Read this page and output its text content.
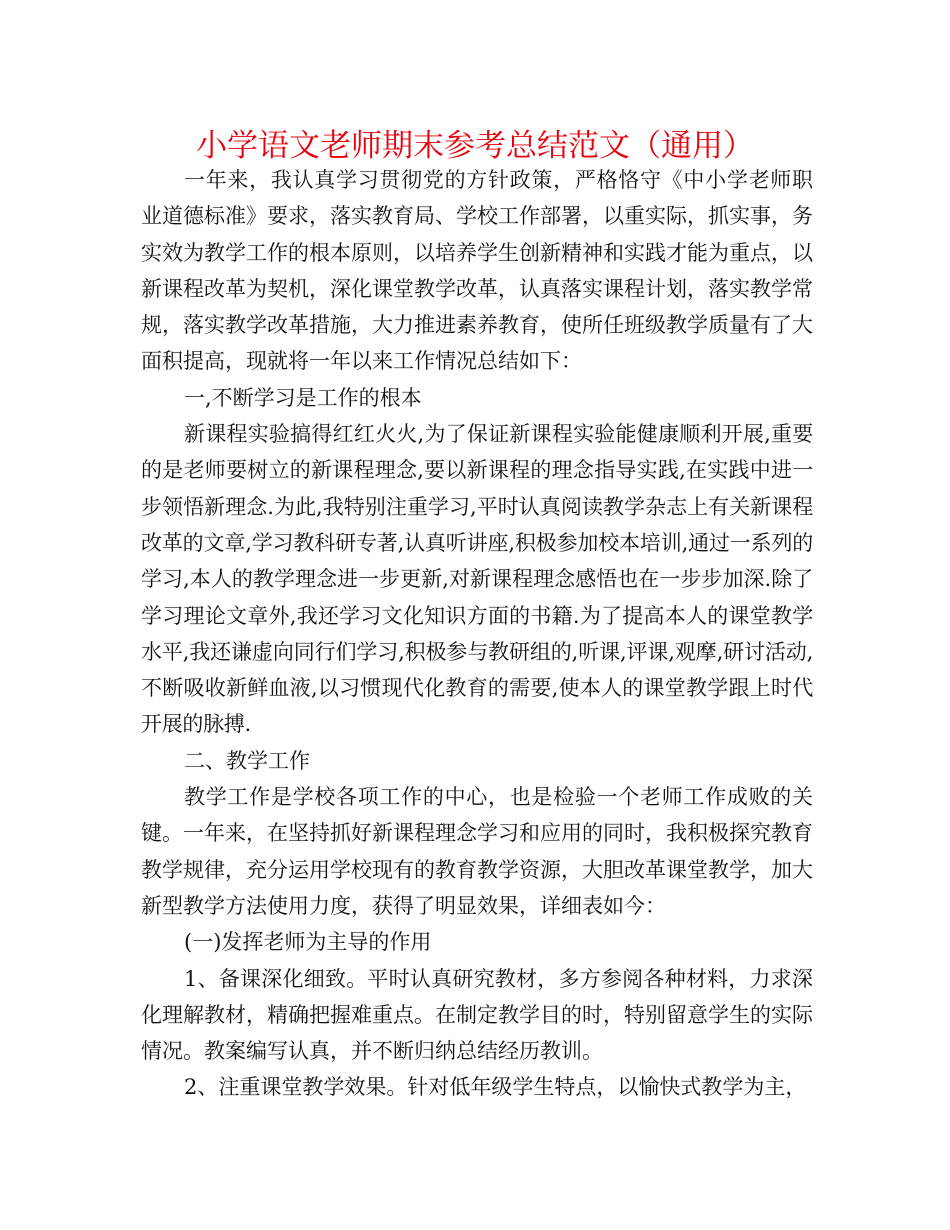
小学语文老师期末参考总结范文（通用）

一年来，我认真学习贯彻党的方针政策，严格恪守《中小学老师职业道德标准》要求，落实教育局、学校工作部署，以重实际，抓实事，务实效为教学工作的根本原则，以培养学生创新精神和实践才能为重点，以新课程改革为契机，深化课堂教学改革，认真落实课程计划，落实教学常规，落实教学改革措施，大力推进素养教育，使所任班级教学质量有了大面积提高，现就将一年以来工作情况总结如下：

一,不断学习是工作的根本

新课程实验搞得红红火火,为了保证新课程实验能健康顺利开展,重要的是老师要树立的新课程理念,要以新课程的理念指导实践,在实践中进一步领悟新理念.为此,我特别注重学习,平时认真阅读教学杂志上有关新课程改革的文章,学习教科研专著,认真听讲座,积极参加校本培训,通过一系列的学习,本人的教学理念进一步更新,对新课程理念感悟也在一步步加深.除了学习理论文章外,我还学习文化知识方面的书籍.为了提高本人的课堂教学水平,我还谦虚向同行们学习,积极参与教研组的,听课,评课,观摩,研讨活动,不断吸收新鲜血液,以习惯现代化教育的需要,使本人的课堂教学跟上时代开展的脉搏.

二、教学工作

教学工作是学校各项工作的中心，也是检验一个老师工作成败的关键。一年来，在坚持抓好新课程理念学习和应用的同时，我积极探究教育教学规律，充分运用学校现有的教育教学资源，大胆改革课堂教学，加大新型教学方法使用力度，获得了明显效果，详细表如今：

(一)发挥老师为主导的作用

1、备课深化细致。平时认真研究教材，多方参阅各种材料，力求深化理解教材，精确把握难重点。在制定教学目的时，特别留意学生的实际情况。教案编写认真，并不断归纳总结经历教训。

2、注重课堂教学效果。针对低年级学生特点，以愉快式教学为主，
